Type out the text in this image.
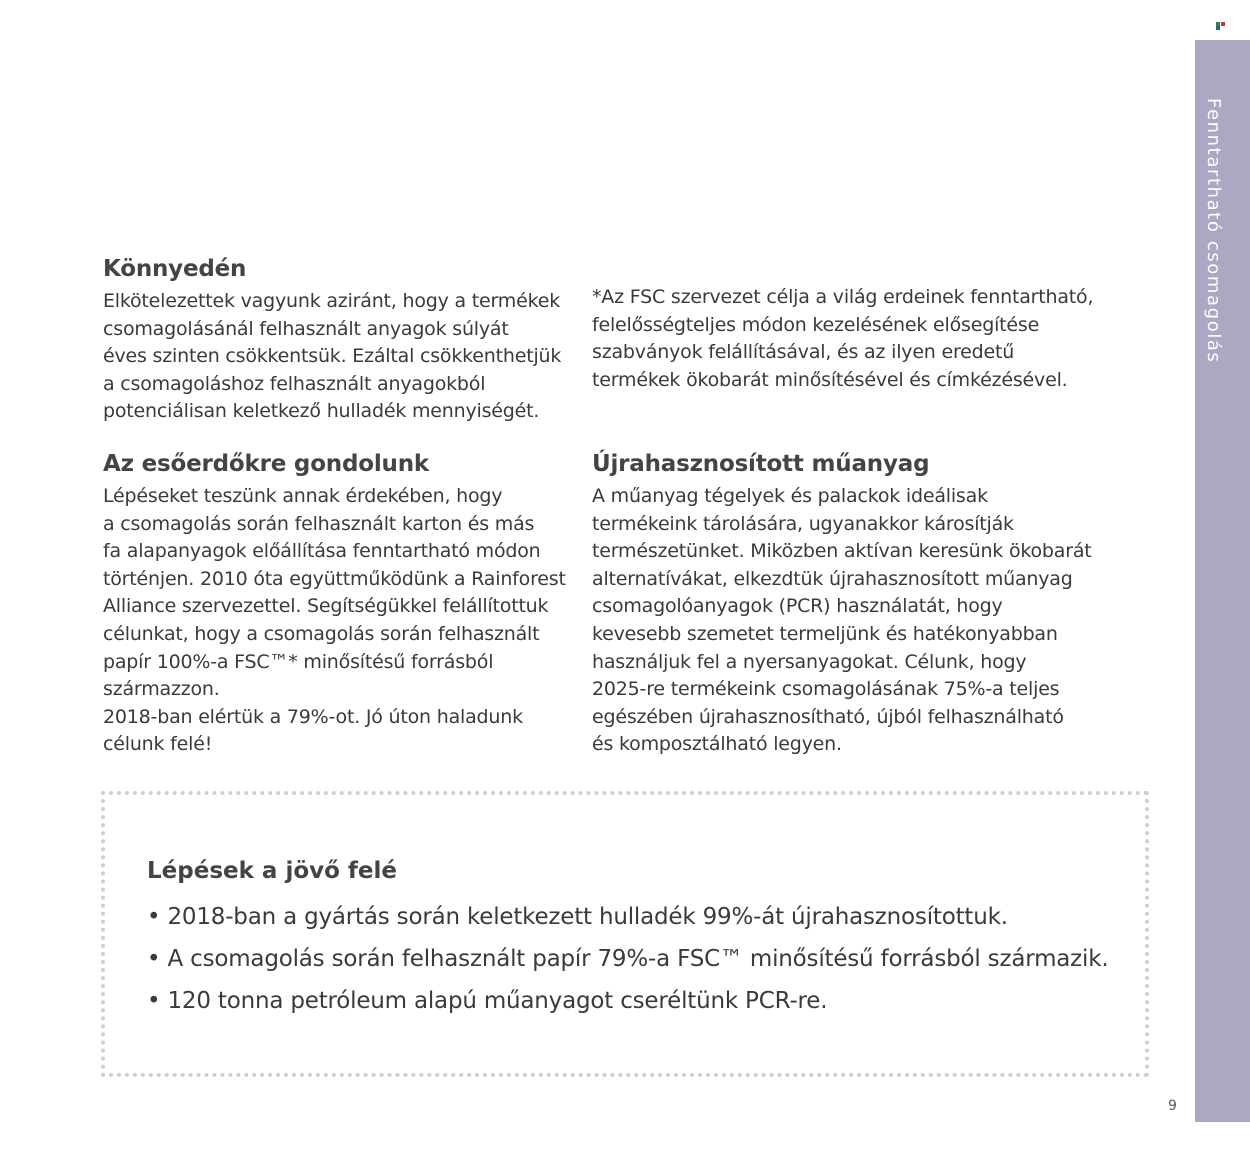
Fenntartható csomagolás
Könnyedén

Elkötelezettek vagyunk aziránt, hogy a termékek
csomagolásánál felhasznált anyagok súlyát
éves szinten csökkentsük. Ezáltal csökkenthetjük
a csomagoláshoz felhasznált anyagokból
potenciálisan keletkező hulladék mennyiségét.

*Az FSC szervezet célja a világ erdeinek fenntartható,
felelősségteljes módon kezelésének elősegítése
szabványok felállításával, és az ilyen eredetű
termékek ökobarát minősítésével és címkézésével.

Az esőerdőkre gondolunk

Lépéseket teszünk annak érdekében, hogy
a csomagolás során felhasznált karton és más
fa alapanyagok előállítása fenntartható módon
történjen. 2010 óta együttműködünk a Rainforest
Alliance szervezettel. Segítségükkel felállítottuk
célunkat, hogy a csomagolás során felhasznált
papír 100%-a FSC™* minősítésű forrásból
származzon.
2018-ban elértük a 79%-ot. Jó úton haladunk
célunk felé!

Újrahasznosított műanyag

A műanyag tégelyek és palackok ideálisak
termékeink tárolására, ugyanakkor károsítják
természetünket. Miközben aktívan keresünk ökobarát
alternatívákat, elkezdtük újrahasznosított műanyag
csomagolóanyagok (PCR) használatát, hogy
kevesebb szemetet termeljünk és hatékonyabban
használjuk fel a nyersanyagokat. Célunk, hogy
2025-re termékeink csomagolásának 75%-a teljes
egészében újrahasznosítható, újból felhasználható
és komposztálható legyen.

Lépések a jövő felé
• 2018-ban a gyártás során keletkezett hulladék 99%-át újrahasznosítottuk.
• A csomagolás során felhasznált papír 79%-a FSC™ minősítésű forrásból származik.
• 120 tonna petróleum alapú műanyagot cseréltünk PCR-re.
9
